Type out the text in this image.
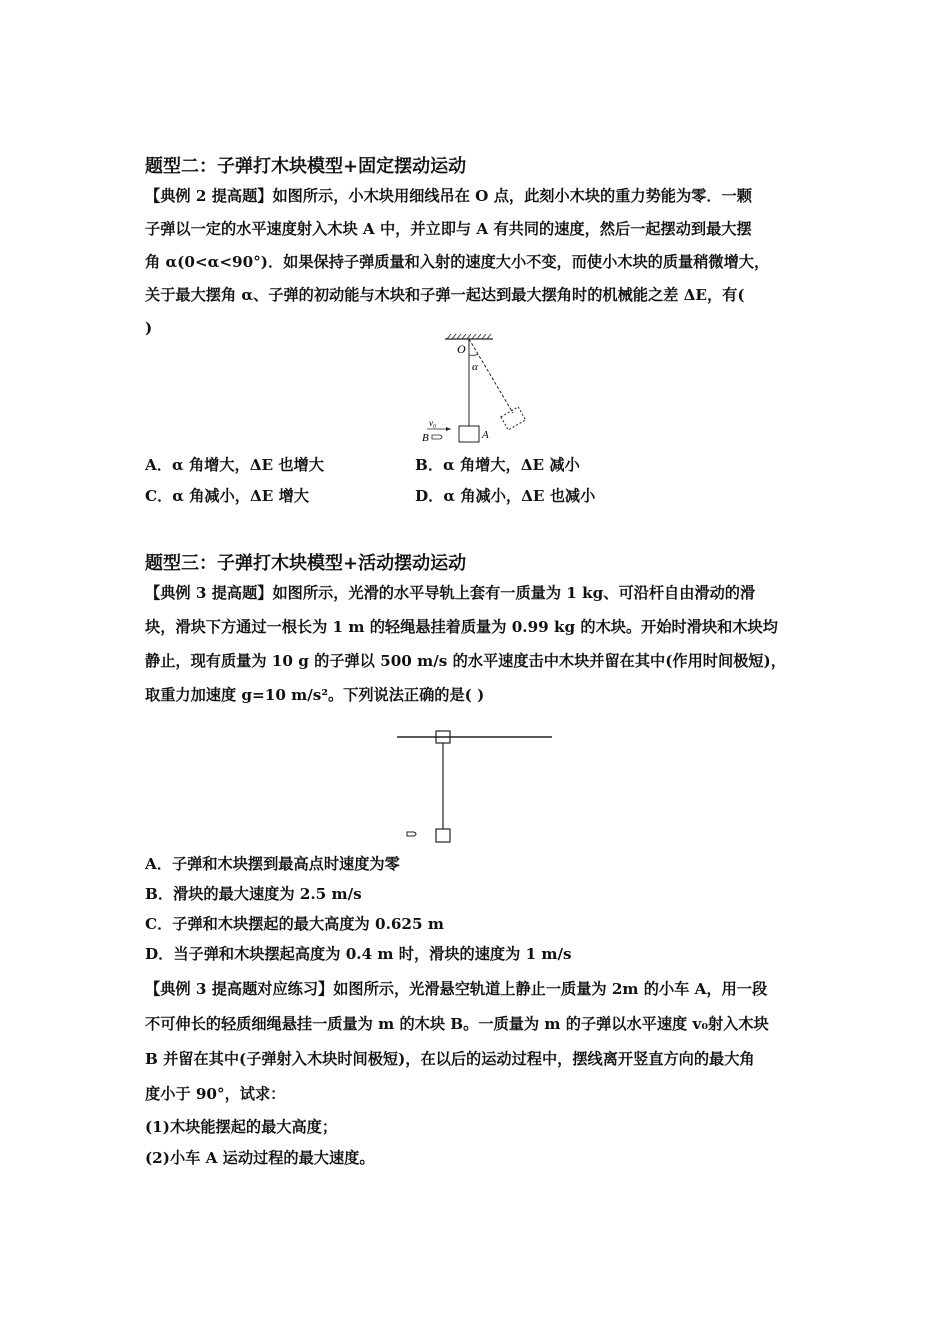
题型二：子弹打木块模型+固定摆动运动
【典例 2 提高题】如图所示，小木块用细线吊在 O 点，此刻小木块的重力势能为零．一颗
子弹以一定的水平速度射入木块 A 中，并立即与 A 有共同的速度，然后一起摆动到最大摆
角 α(0<α<90°)．如果保持子弹质量和入射的速度大小不变，而使小木块的质量稍微增大，
关于最大摆角 α、子弹的初动能与木块和子弹一起达到最大摆角时的机械能之差 ΔE，有(
)
O
α
A
v₀
B
A．α 角增大，ΔE 也增大	B．α 角增大，ΔE 减小
C．α 角减小，ΔE 增大	D．α 角减小，ΔE 也减小
题型三：子弹打木块模型+活动摆动运动
【典例 3 提高题】如图所示，光滑的水平导轨上套有一质量为 1 kg、可沿杆自由滑动的滑
块，滑块下方通过一根长为 1 m 的轻绳悬挂着质量为 0.99 kg 的木块。开始时滑块和木块均
静止，现有质量为 10 g 的子弹以 500 m/s 的水平速度击中木块并留在其中(作用时间极短)，
取重力加速度 g=10 m/s²。下列说法正确的是( )
A．子弹和木块摆到最高点时速度为零
B．滑块的最大速度为 2.5 m/s
C．子弹和木块摆起的最大高度为 0.625 m
D．当子弹和木块摆起高度为 0.4 m 时，滑块的速度为 1 m/s
【典例 3 提高题对应练习】如图所示，光滑悬空轨道上静止一质量为 2m 的小车 A，用一段
不可伸长的轻质细绳悬挂一质量为 m 的木块 B。一质量为 m 的子弹以水平速度 v₀射入木块
B 并留在其中(子弹射入木块时间极短)，在以后的运动过程中，摆线离开竖直方向的最大角
度小于 90°，试求：
(1)木块能摆起的最大高度；
(2)小车 A 运动过程的最大速度。
